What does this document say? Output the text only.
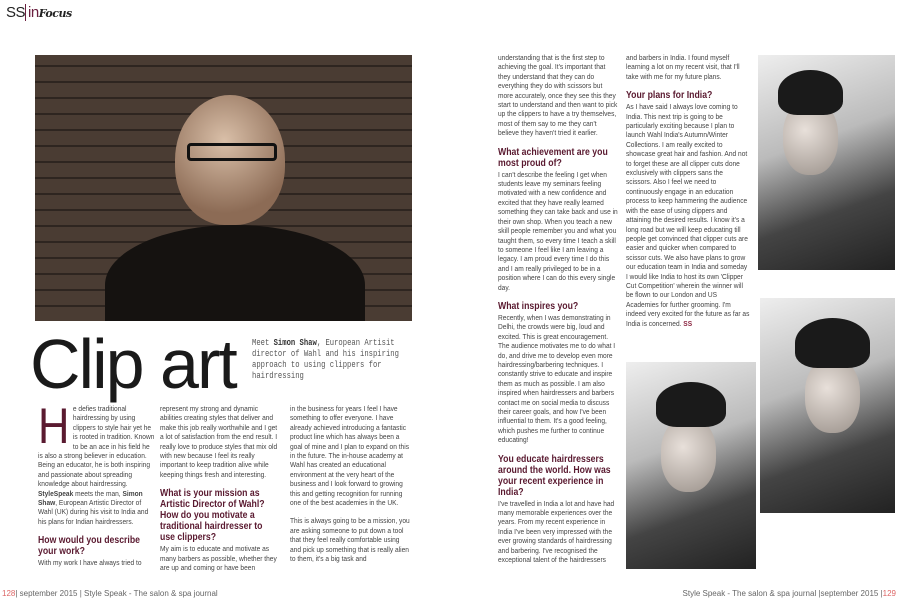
SS inFocus
Clip art Meet Simon Shaw, European Artisit director of Wahl and his inspiring approach to using clippers for hairdressing

He defies traditional hairdressing by using clippers to style hair yet he is rooted in tradition. Known to be an ace in his field he is also a strong believer in education. Being an educator, he is both inspiring and passionate about spreading knowledge about hairdressing. StyleSpeak meets the man, Simon Shaw, European Artistic Director of Wahl (UK) during his visit to India and his plans for Indian hairdressers.

How would you describe your work?
With my work I have always tried to

represent my strong and dynamic abilities creating styles that deliver and make this job really worthwhile and I get a lot of satisfaction from the end result. I really love to produce styles that mix old with new because I feel its really important to keep tradition alive while keeping things fresh and interesting.

What is your mission as Artistic Director of Wahl? How do you motivate a traditional hairdresser to use clippers?
My aim is to educate and motivate as many barbers as possible, whether they are up and coming or have been

in the business for years I feel I have something to offer everyone. I have already achieved introducing a fantastic product line which has always been a goal of mine and I plan to expand on this in the future. The in-house academy at Wahl has created an educational environment at the very heart of the business and I look forward to growing this and getting recognition for running one of the best academies in the UK.

This is always going to be a mission, you are asking someone to put down a tool that they feel really comfortable using and pick up something that is really alien to them, it's a big task and
128| september 2015 | Style Speak - The salon & spa journal

understanding that is the first step to achieving the goal. It's important that they understand that they can do everything they do with scissors but more accurately, once they see this they start to understand and then want to pick up the clippers to have a try themselves, most of them say to me they can't believe they haven't tried it earlier.

What achievement are you most proud of?

I can't describe the feeling I get when students leave my seminars feeling motivated with a new confidence and excited that they have really learned something they can take back and use in their own shop. When you teach a new skill people remember you and what you taught them, so every time I teach a skill to someone I feel like I am leaving a legacy. I am proud every time I do this and I am really privileged to be in a position where I can do this every single day.

What inspires you?

Recently, when I was demonstrating in Delhi, the crowds were big, loud and excited. This is great encouragement. The audience motivates me to do what I do, and drive me to develop even more hairdressing/barbering techniques. I constantly strive to educate and inspire them as much as possible. I am also inspired when hairdressers and barbers contact me on social media to discuss their career goals, and how I've been influential to them. It's a good feeling, which pushes me further to continue educating!

You educate hairdressers around the world. How was your recent experience in India?
I've travelled in India a lot and have had many memorable experiences over the years. From my recent experience in India I've been very impressed with the ever growing standards of hairdressing and barbering. I've recognised the exceptional talent of the hairdressers

and barbers in India. I found myself learning a lot on my recent visit, that I'll take with me for my future plans.

Your plans for India?
As I have said I always love coming to India. This next trip is going to be particularly exciting because I plan to launch Wahl India's Autumn/Winter Collections. I am really excited to showcase great hair and fashion. And not to forget these are all clipper cuts done exclusively with clippers sans the scissors. Also I feel we need to continuously engage in an education process to keep hammering the audience with the ease of using clippers and attaining the desired results. I know it's a long road but we will keep educating till people get convinced that clipper cuts are easier and quicker when compared to scissor cuts. We also have plans to grow our education team in India and someday I would like India to host its own 'Clipper Cut Competition' wherein the winner will be flown to our London and US Academies for further grooming. I'm indeed very excited for the future as far as India is concerned. SS
Style Speak - The salon & spa journal |september 2015 |129
